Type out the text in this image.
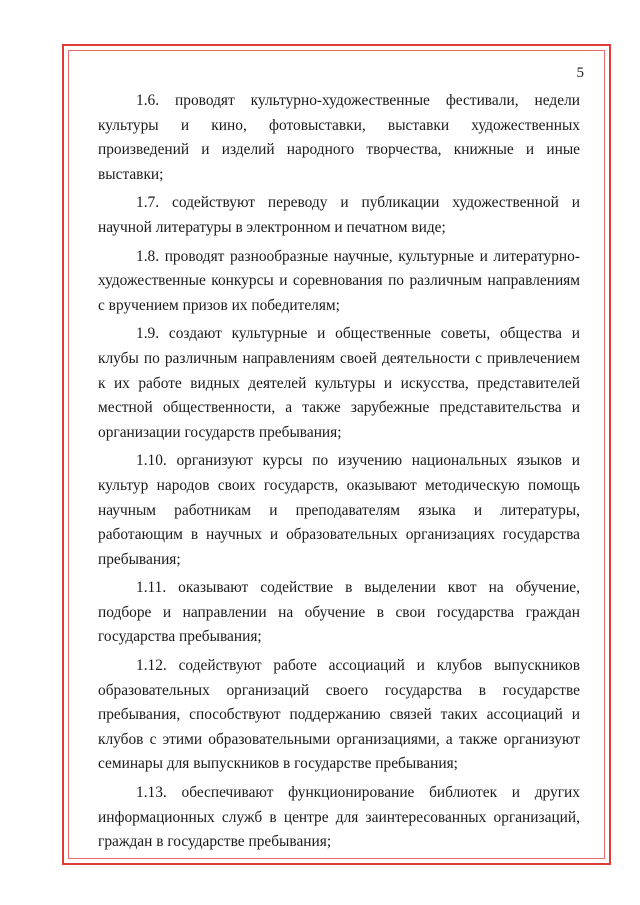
5

1.6. проводят культурно-художественные фестивали, недели культуры и кино, фотовыставки, выставки художественных произведений и изделий народного творчества, книжные и иные выставки;

1.7. содействуют переводу и публикации художественной и научной литературы в электронном и печатном виде;

1.8. проводят разнообразные научные, культурные и литературно-художественные конкурсы и соревнования по различным направлениям с вручением призов их победителям;

1.9. создают культурные и общественные советы, общества и клубы по различным направлениям своей деятельности с привлечением к их работе видных деятелей культуры и искусства, представителей местной общественности, а также зарубежные представительства и организации государств пребывания;

1.10. организуют курсы по изучению национальных языков и культур народов своих государств, оказывают методическую помощь научным работникам и преподавателям языка и литературы, работающим в научных и образовательных организациях государства пребывания;

1.11. оказывают содействие в выделении квот на обучение, подборе и направлении на обучение в свои государства граждан государства пребывания;

1.12. содействуют работе ассоциаций и клубов выпускников образовательных организаций своего государства в государстве пребывания, способствуют поддержанию связей таких ассоциаций и клубов с этими образовательными организациями, а также организуют семинары для выпускников в государстве пребывания;

1.13. обеспечивают функционирование библиотек и других информационных служб в центре для заинтересованных организаций, граждан в государстве пребывания;
